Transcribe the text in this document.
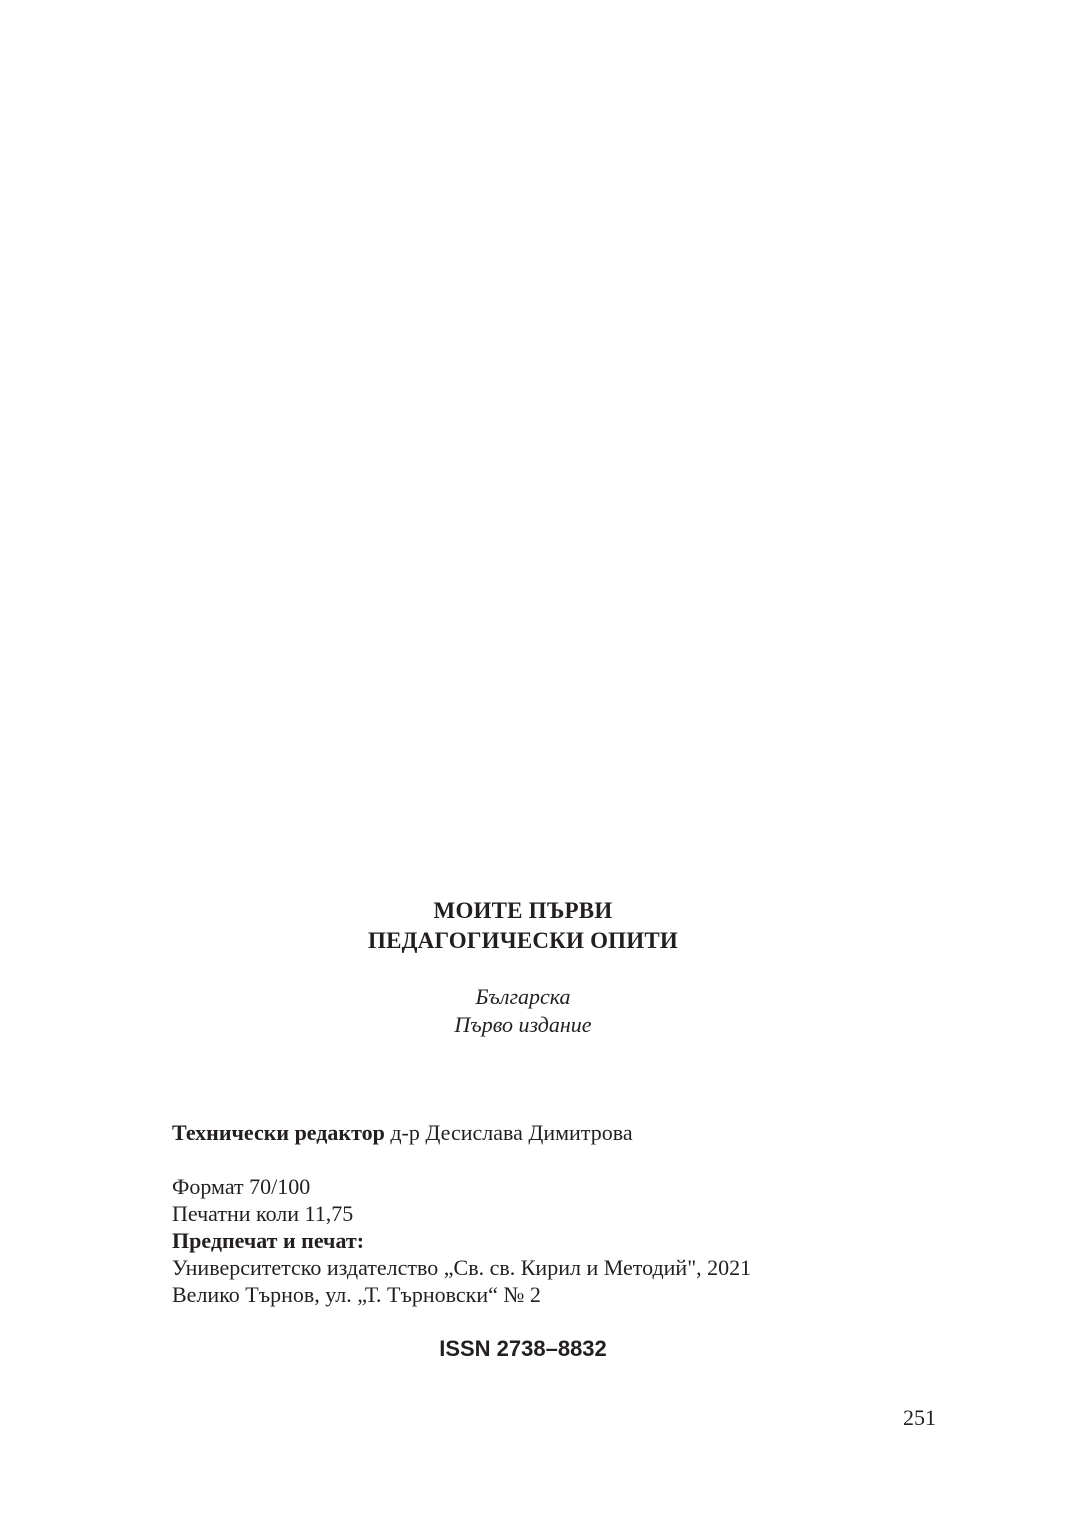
МОИТЕ ПЪРВИ
ПЕДАГОГИЧЕСКИ ОПИТИ
Българска
Първо издание
Технически редактор д-р Десислава Димитрова
Формат 70/100
Печатни коли 11,75
Предпечат и печат:
Университетско издателство „Св. св. Кирил и Методий", 2021
Велико Търнов, ул. „Т. Търновски“ № 2
ISSN 2738–8832
251
